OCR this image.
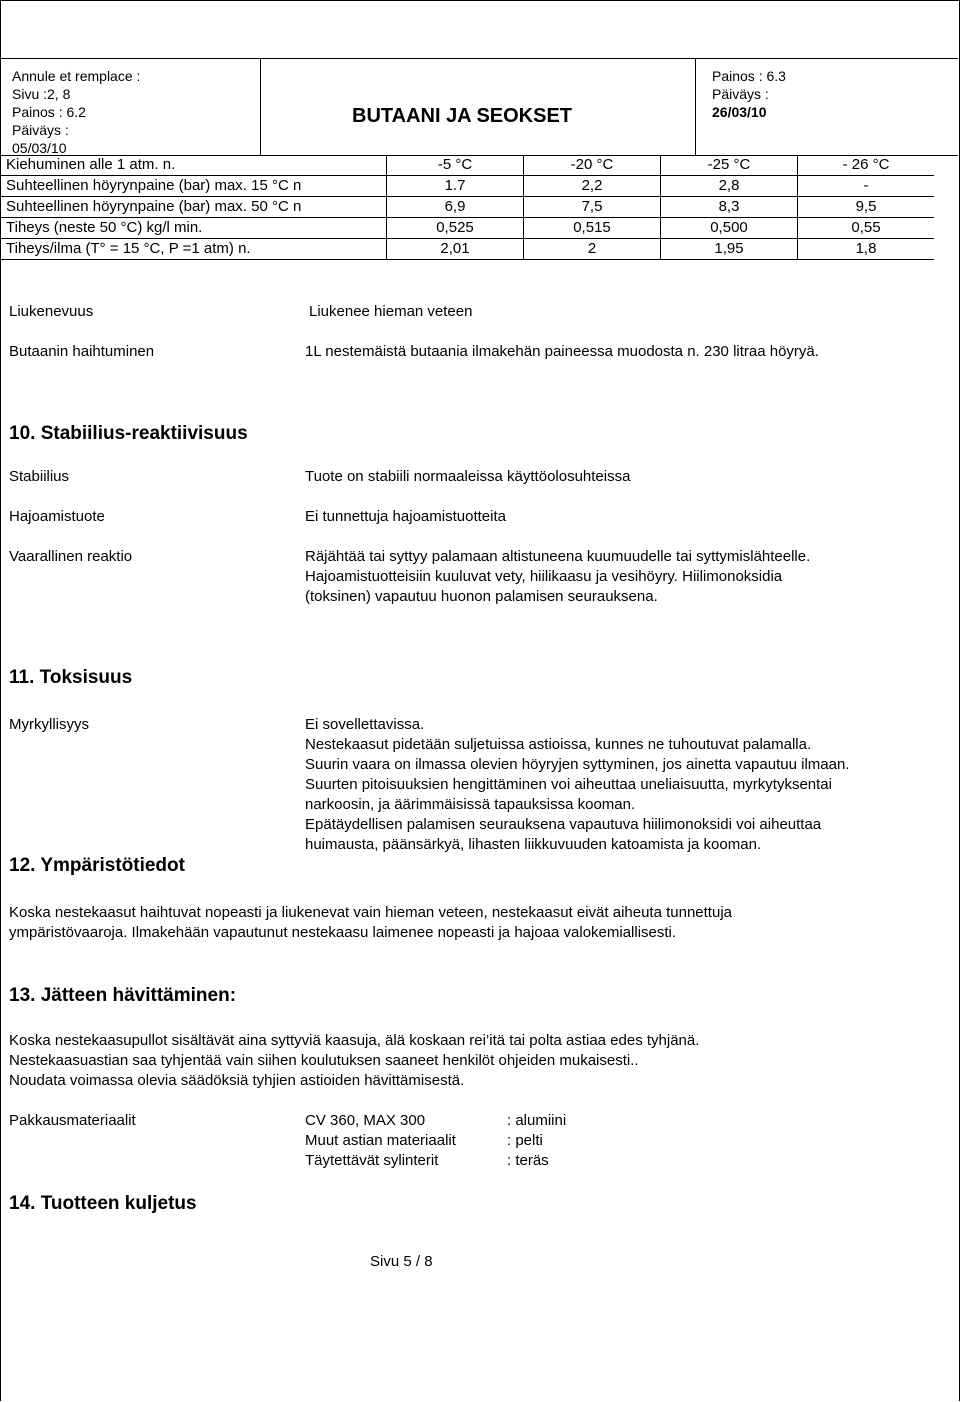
Annule et remplace :
Sivu :2, 8
Painos : 6.2
Päiväys :
05/03/10
BUTAANI JA SEOKSET
Painos : 6.3
Päiväys :
26/03/10
Kiehuminen alle 1 atm. n.	-5 °C	-20 °C	-25 °C	- 26 °C
Suhteellinen höyrynpaine (bar) max. 15 °C n	1.7	2,2	2,8	-
Suhteellinen höyrynpaine (bar) max. 50 °C n	6,9	7,5	8,3	9,5
Tiheys (neste 50 °C) kg/l min.	0,525	0,515	0,500	0,55
Tiheys/ilma (T° = 15 °C, P =1 atm) n.	2,01	2	1,95	1,8
Liukenevuus	Liukenee hieman veteen
Butaanin haihtuminen	1L nestemäistä butaania ilmakehän paineessa muodosta n. 230 litraa höyryä.
10. Stabiilius-reaktiivisuus
Stabiilius	Tuote on stabiili normaaleissa käyttöolosuhteissa
Hajoamistuote	Ei tunnettuja hajoamistuotteita
Vaarallinen reaktio	Räjähtää tai syttyy palamaan altistuneena kuumuudelle tai syttymislähteelle.
Hajoamistuotteisiin kuuluvat vety, hiilikaasu ja vesihöyry. Hiilimonoksidia
(toksinen) vapautuu huonon palamisen seurauksena.
11. Toksisuus
Myrkyllisyys	Ei sovellettavissa.
Nestekaasut pidetään suljetuissa astioissa, kunnes ne tuhoutuvat palamalla.
Suurin vaara on ilmassa olevien höyryjen syttyminen, jos ainetta vapautuu ilmaan.
Suurten pitoisuuksien hengittäminen voi aiheuttaa uneliaisuutta, myrkytyksentai
narkoosin, ja äärimmäisissä tapauksissa kooman.
Epätäydellisen palamisen seurauksena vapautuva hiilimonoksidi voi aiheuttaa
huimausta, päänsärkyä, lihasten liikkuvuuden katoamista ja kooman.
12. Ympäristötiedot
Koska nestekaasut haihtuvat nopeasti ja liukenevat vain hieman veteen, nestekaasut eivät aiheuta tunnettuja
ympäristövaaroja. Ilmakehään vapautunut nestekaasu laimenee nopeasti ja hajoaa valokemiallisesti.
13. Jätteen hävittäminen:
Koska nestekaasupullot sisältävät aina syttyviä kaasuja, älä koskaan rei’itä tai polta astiaa edes tyhjänä.
Nestekaasuastian saa tyhjentää vain siihen koulutuksen saaneet henkilöt ohjeiden mukaisesti..
Noudata voimassa olevia säädöksiä tyhjien astioiden hävittämisestä.
Pakkausmateriaalit	CV 360, MAX 300	: alumiini
Muut astian materiaalit	: pelti
Täytettävät sylinterit	: teräs
14. Tuotteen kuljetus
Sivu 5 / 8
